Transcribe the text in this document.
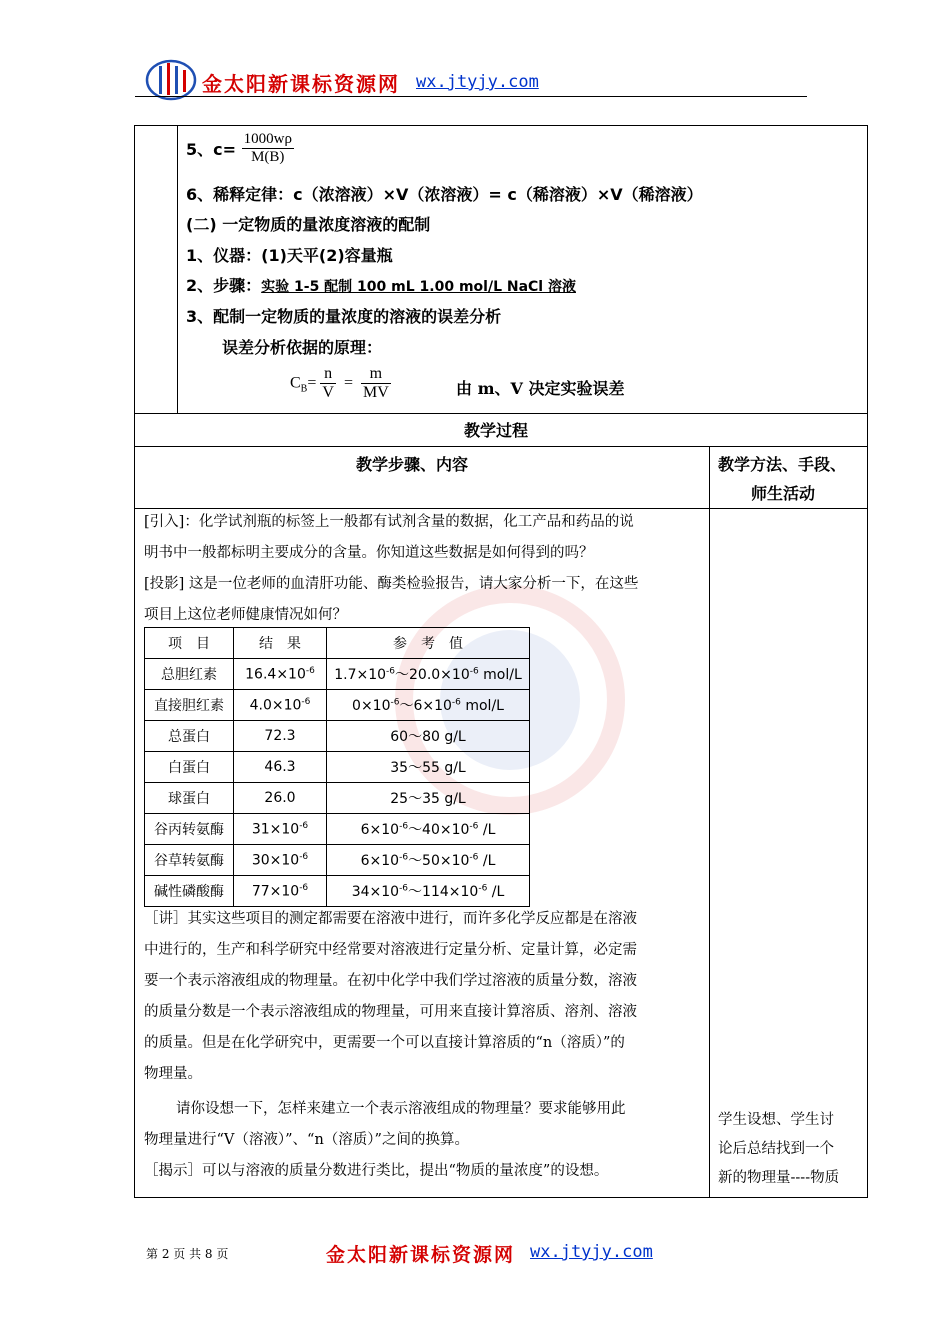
金太阳新课标资源网 wx.jtyjy.com
5、$c= \frac{1000w\rho}{M(B)}$
6、稀释定律：c（浓溶液）×V（浓溶液）= c（稀溶液）×V（稀溶液）
(二) 一定物质的量浓度溶液的配制
1、仪器：(1)天平(2)容量瓶
2、步骤：实验 1-5 配制 100 mL 1.00 mol/L NaCl 溶液
3、配制一定物质的量浓度的溶液的误差分析
误差分析依据的原理：
$C_B= \frac{n}{V} = \frac{m}{MV}$	由 m、V 决定实验误差
教学过程
教学步骤、内容	教学方法、手段、
师生活动
[引入]：化学试剂瓶的标签上一般都有试剂含量的数据，化工产品和药品的说
明书中一般都标明主要成分的含量。你知道这些数据是如何得到的吗？
[投影] 这是一位老师的血清肝功能、酶类检验报告，请大家分析一下，在这些
项目上这位老师健康情况如何？
项　目	结　果	参　考　值
总胆红素	$16.4\times 10^{-6}$	$1.7\times 10^{-6}\sim 20.0\times 10^{-6}$ mol/L
直接胆红素	$4.0\times 10^{-6}$	$0\times 10^{-6}\sim 6\times 10^{-6}$ mol/L
总蛋白	72.3	60～80 g/L
白蛋白	46.3	35～55 g/L
球蛋白	26.0	25～35 g/L
谷丙转氨酶	$31\times 10^{-6}$	$6\times 10^{-6}\sim 40\times 10^{-6}$ /L
谷草转氨酶	$30\times 10^{-6}$	$6\times 10^{-6}\sim 50\times 10^{-6}$ /L
碱性磷酸酶	$77\times 10^{-6}$	$34\times 10^{-6}\sim 114\times 10^{-6}$ /L
［讲］其实这些项目的测定都需要在溶液中进行，而许多化学反应都是在溶液
中进行的，生产和科学研究中经常要对溶液进行定量分析、定量计算，必定需
要一个表示溶液组成的物理量。在初中化学中我们学过溶液的质量分数，溶液
的质量分数是一个表示溶液组成的物理量，可用来直接计算溶质、溶剂、溶液
的质量。但是在化学研究中，更需要一个可以直接计算溶质的“n（溶质）”的
物理量。
请你设想一下，怎样来建立一个表示溶液组成的物理量？要求能够用此
物理量进行“V（溶液）”、“n（溶质）”之间的换算。
［揭示］可以与溶液的质量分数进行类比，提出“物质的量浓度”的设想。
学生设想、学生讨
论后总结找到一个
新的物理量----物质
第 2 页 共 8 页	金太阳新课标资源网 wx.jtyjy.com
